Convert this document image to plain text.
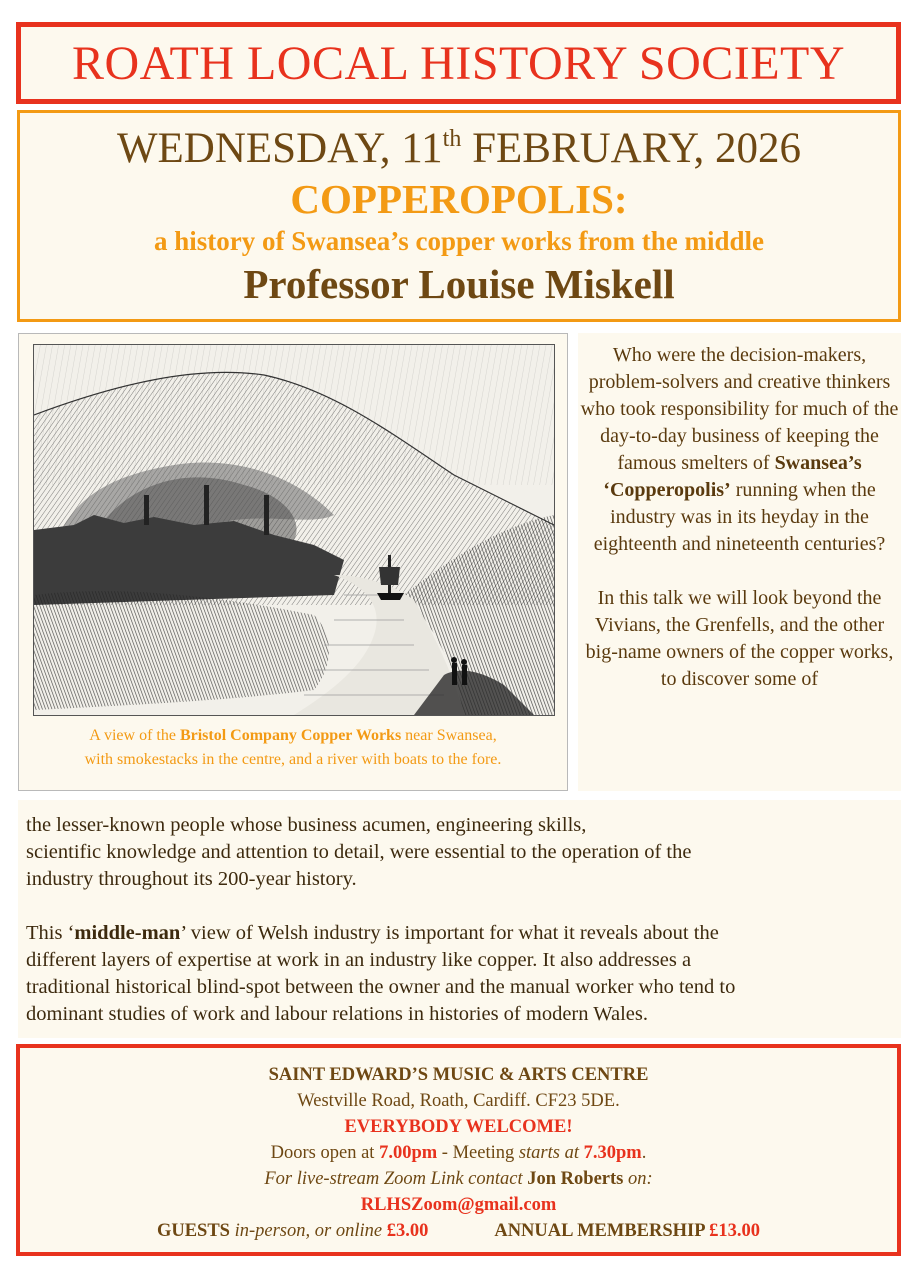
ROATH LOCAL HISTORY SOCIETY
WEDNESDAY, 11th FEBRUARY, 2026
COPPEROPOLIS:
a history of Swansea’s copper works from the middle
Professor Louise Miskell
A view of the Bristol Company Copper Works near Swansea,
with smokestacks in the centre, and a river with boats to the fore.

Who were the decision-makers, problem-solvers and creative thinkers who took responsibility for much of the day-to-day business of keeping the famous smelters of Swansea’s ‘Copperopolis’ running when the industry was in its heyday in the eighteenth and nineteenth centuries?

In this talk we will look beyond the Vivians, the Grenfells, and the other big-name owners of the copper works, to discover some of

the lesser-known people whose business acumen, engineering skills,

scientific knowledge and attention to detail, were essential to the operation of the

industry throughout its 200-year history.

This ‘middle-man’ view of Welsh industry is important for what it reveals about the

different layers of expertise at work in an industry like copper. It also addresses a

traditional historical blind-spot between the owner and the manual worker who tend to

dominant studies of work and labour relations in histories of modern Wales.

SAINT EDWARD’S MUSIC & ARTS CENTRE
Westville Road, Roath, Cardiff. CF23 5DE.
EVERYBODY WELCOME!
Doors open at 7.00pm - Meeting starts at 7.30pm.
For live-stream Zoom Link contact Jon Roberts on:
RLHSZoom@gmail.com
GUESTS in-person, or online £3.00	ANNUAL MEMBERSHIP £13.00
